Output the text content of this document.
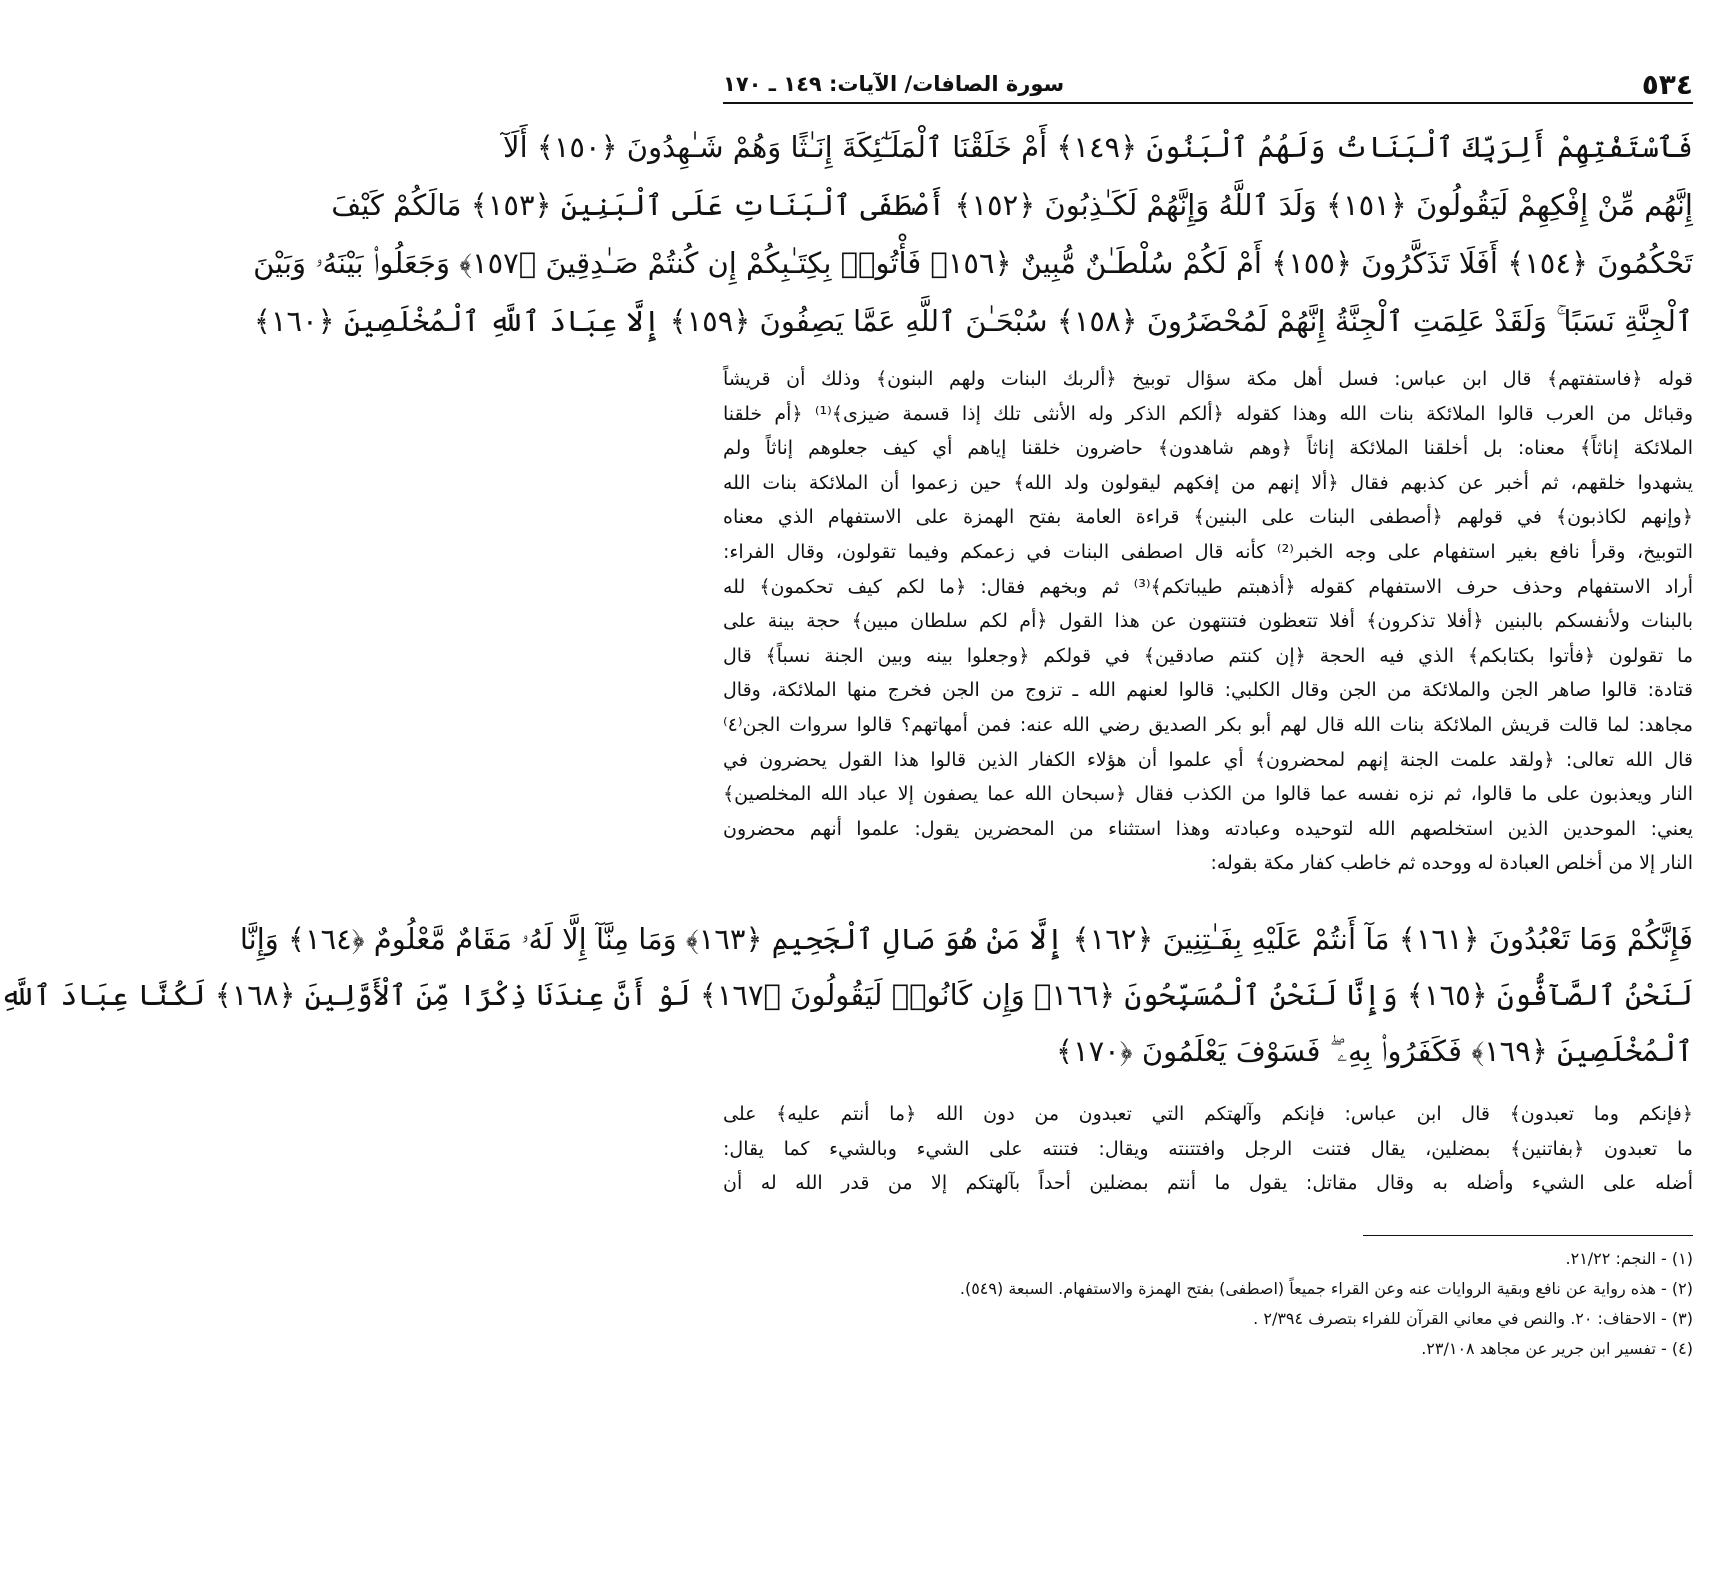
٥٣٤
سورة الصافات/ الآيات: ١٤٩ ـ ١٧٠
فَٱسْتَفْتِهِمْ أَلِرَبِّكَ ٱلْبَنَاتُ وَلَهُمُ ٱلْبَنُونَ ﴿١٤٩﴾ أَمْ خَلَقْنَا ٱلْمَلَـٰٓئِكَةَ إِنَـٰثًا وَهُمْ شَـٰهِدُونَ ﴿١٥٠﴾ أَلَآ
إِنَّهُم مِّنْ إِفْكِهِمْ لَيَقُولُونَ ﴿١٥١﴾ وَلَدَ ٱللَّهُ وَإِنَّهُمْ لَكَـٰذِبُونَ ﴿١٥٢﴾ أَصْطَفَى ٱلْبَنَاتِ عَلَى ٱلْبَنِينَ ﴿١٥٣﴾ مَالَكُمْ كَيْفَ
تَحْكُمُونَ ﴿١٥٤﴾ أَفَلَا تَذَكَّرُونَ ﴿١٥٥﴾ أَمْ لَكُمْ سُلْطَـٰنٌ مُّبِينٌ ﴿١٥٦﴾ فَأْتُوا۟ بِكِتَـٰبِكُمْ إِن كُنتُمْ صَـٰدِقِينَ ﴿١٥٧﴾ وَجَعَلُوا۟ بَيْنَهُۥ وَبَيْنَ
ٱلْجِنَّةِ نَسَبًا ۚ وَلَقَدْ عَلِمَتِ ٱلْجِنَّةُ إِنَّهُمْ لَمُحْضَرُونَ ﴿١٥٨﴾ سُبْحَـٰنَ ٱللَّهِ عَمَّا يَصِفُونَ ﴿١٥٩﴾ إِلَّا عِبَادَ ٱللَّهِ ٱلْمُخْلَصِينَ ﴿١٦٠﴾
قوله ﴿فاستفتهم﴾ قال ابن عباس: فسل أهل مكة سؤال توبيخ ﴿ألربك البنات ولهم البنون﴾ وذلك أن قريشاً
وقبائل من العرب قالوا الملائكة بنات الله وهذا كقوله ﴿ألكم الذكر وله الأنثى تلك إذا قسمة ضيزى﴾⁽¹⁾ ﴿أم خلقنا
الملائكة إناثاً﴾ معناه: بل أخلقنا الملائكة إناثاً ﴿وهم شاهدون﴾ حاضرون خلقنا إياهم أي كيف جعلوهم إناثاً ولم
يشهدوا خلقهم، ثم أخبر عن كذبهم فقال ﴿ألا إنهم من إفكهم ليقولون ولد الله﴾ حين زعموا أن الملائكة بنات الله
﴿وإنهم لكاذبون﴾ في قولهم ﴿أصطفى البنات على البنين﴾ قراءة العامة بفتح الهمزة على الاستفهام الذي معناه
التوبيخ، وقرأ نافع بغير استفهام على وجه الخبر⁽²⁾ كأنه قال اصطفى البنات في زعمكم وفيما تقولون، وقال الفراء:
أراد الاستفهام وحذف حرف الاستفهام كقوله ﴿أذهبتم طيباتكم﴾⁽³⁾ ثم وبخهم فقال: ﴿ما لكم كيف تحكمون﴾ لله
بالبنات ولأنفسكم بالبنين ﴿أفلا تذكرون﴾ أفلا تتعظون فتنتهون عن هذا القول ﴿أم لكم سلطان مبين﴾ حجة بينة على
ما تقولون ﴿فأتوا بكتابكم﴾ الذي فيه الحجة ﴿إن كنتم صادقين﴾ في قولكم ﴿وجعلوا بينه وبين الجنة نسباً﴾ قال
قتادة: قالوا صاهر الجن والملائكة من الجن وقال الكلبي: قالوا لعنهم الله ـ تزوج من الجن فخرج منها الملائكة، وقال
مجاهد: لما قالت قريش الملائكة بنات الله قال لهم أبو بكر الصديق رضي الله عنه: فمن أمهاتهم؟ قالوا سروات الجن⁽٤⁾
قال الله تعالى: ﴿ولقد علمت الجنة إنهم لمحضرون﴾ أي علموا أن هؤلاء الكفار الذين قالوا هذا القول يحضرون في
النار ويعذبون على ما قالوا، ثم نزه نفسه عما قالوا من الكذب فقال ﴿سبحان الله عما يصفون إلا عباد الله المخلصين﴾
يعني: الموحدين الذين استخلصهم الله لتوحيده وعبادته وهذا استثناء من المحضرين يقول: علموا أنهم محضرون
النار إلا من أخلص العبادة له ووحده ثم خاطب كفار مكة بقوله:
فَإِنَّكُمْ وَمَا تَعْبُدُونَ ﴿١٦١﴾ مَآ أَنتُمْ عَلَيْهِ بِفَـٰتِنِينَ ﴿١٦٢﴾ إِلَّا مَنْ هُوَ صَالِ ٱلْجَحِيمِ ﴿١٦٣﴾ وَمَا مِنَّآ إِلَّا لَهُۥ مَقَامٌ مَّعْلُومٌ ﴿١٦٤﴾ وَإِنَّا
لَنَحْنُ ٱلصَّآفُّونَ ﴿١٦٥﴾ وَإِنَّا لَنَحْنُ ٱلْمُسَبِّحُونَ ﴿١٦٦﴾ وَإِن كَانُوا۟ لَيَقُولُونَ ﴿١٦٧﴾ لَوْ أَنَّ عِندَنَا ذِكْرًا مِّنَ ٱلْأَوَّلِينَ ﴿١٦٨﴾ لَكُنَّا عِبَادَ ٱللَّهِ
ٱلْمُخْلَصِينَ ﴿١٦٩﴾ فَكَفَرُوا۟ بِهِۦ ۖ فَسَوْفَ يَعْلَمُونَ ﴿١٧٠﴾
﴿فإنكم وما تعبدون﴾ قال ابن عباس: فإنكم وآلهتكم التي تعبدون من دون الله ﴿ما أنتم عليه﴾ على
ما تعبدون ﴿بفاتنين﴾ بمضلين، يقال فتنت الرجل وافتتنته ويقال: فتنته على الشيء وبالشيء كما يقال:
أضله على الشيء وأضله به وقال مقاتل: يقول ما أنتم بمضلين أحداً بآلهتكم إلا من قدر الله له أن
(١) - النجم: ٢١/٢٢.
(٢) - هذه رواية عن نافع وبقية الروايات عنه وعن القراء جميعاً (اصطفى) بفتح الهمزة والاستفهام. السبعة (٥٤٩).
(٣) - الاحقاف: ٢٠. والنص في معاني القرآن للفراء بتصرف ٢/٣٩٤ .
(٤) - تفسير ابن جرير عن مجاهد ٢٣/١٠٨.
